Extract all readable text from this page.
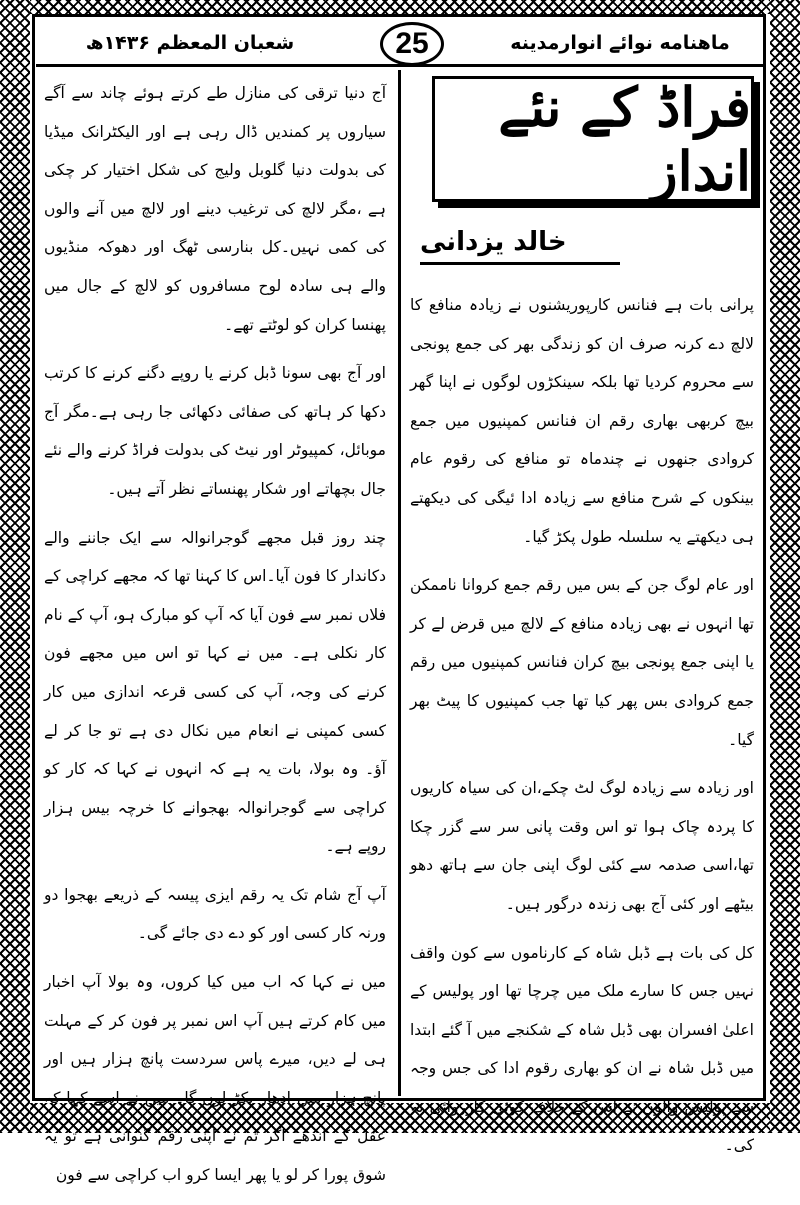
شعبان المعظم ۱۴۳۶ھ	25	ماهنامه نوائے انوارمدینه
فراڈ کے نئے انداز
خالد یزدانی

پرانی بات ہے فنانس کارپوریشنوں نے زیادہ منافع کا لالچ دے کرنہ صرف ان کو زندگی بھر کی جمع پونجی سے محروم کردیا تھا بلکہ سینکڑوں لوگوں نے اپنا گھر بیچ کربھی بھاری رقم ان فنانس کمپنیوں میں جمع کروادی جنھوں نے چندماہ تو منافع کی رقوم عام بینکوں کے شرح منافع سے زیادہ ادا ئیگی کی دیکھتے ہی دیکھتے یہ سلسلہ طول پکڑ گیا۔

اور عام لوگ جن کے بس میں رقم جمع کروانا ناممکن تھا انہوں نے بھی زیادہ منافع کے لالچ میں قرض لے کر یا اپنی جمع پونجی بیچ کران فنانس کمپنیوں میں رقم جمع کروادی بس پھر کیا تھا جب کمپنیوں کا پیٹ بھر گیا۔

اور زیادہ سے زیادہ لوگ لٹ چکے،ان کی سیاہ کاریوں کا پردہ چاک ہوا تو اس وقت پانی سر سے گزر چکا تھا،اسی صدمہ سے کئی لوگ اپنی جان سے ہاتھ دھو بیٹھے اور کئی آج بھی زندہ درگور ہیں۔

کل کی بات ہے ڈبل شاہ کے کارناموں سے کون واقف نہیں جس کا سارے ملک میں چرچا تھا اور پولیس کے اعلیٰ افسران بھی ڈبل شاہ کے شکنجے میں آ گئے ابتدا میں ڈبل شاہ نے ان کو بھاری رقوم ادا کی جس وجہ سے پولیس والوں نے اس کے خلاف کوئی کارروائی نہ کی۔

آج دنیا ترقی کی منازل طے کرتے ہوئے چاند سے آگے سیاروں پر کمندیں ڈال رہی ہے اور الیکٹرانک میڈیا کی بدولت دنیا گلوبل ولیج کی شکل اختیار کر چکی ہے ،مگر لالچ کی ترغیب دینے اور لالچ میں آنے والوں کی کمی نہیں۔کل بنارسی ٹھگ اور دھوکہ منڈیوں والے ہی سادہ لوح مسافروں کو لالچ کے جال میں پھنسا کران کو لوٹتے تھے۔

اور آج بھی سونا ڈبل کرنے یا روپے دگنے کرنے کا کرتب دکھا کر ہاتھ کی صفائی دکھائی جا رہی ہے۔مگر آج موبائل، کمپیوٹر اور نیٹ کی بدولت فراڈ کرنے والے نئے جال بچھاتے اور شکار پھنساتے نظر آتے ہیں۔

چند روز قبل مجھے گوجرانوالہ سے ایک جاننے والے دکاندار کا فون آیا۔اس کا کہنا تھا کہ مجھے کراچی کے فلاں نمبر سے فون آیا کہ آپ کو مبارک ہو، آپ کے نام کار نکلی ہے۔ میں نے کہا تو اس میں مجھے فون کرنے کی وجہ، آپ کی کسی قرعہ اندازی میں کار کسی کمپنی نے انعام میں نکال دی ہے تو جا کر لے آؤ۔ وہ بولا، بات یہ ہے کہ انہوں نے کہا کہ کار کو کراچی سے گوجرانوالہ بھجوانے کا خرچہ بیس ہزار روپے ہے۔

آپ آج شام تک یہ رقم ایزی پیسہ کے ذریعے بھجوا دو ورنہ کار کسی اور کو دے دی جائے گی۔

میں نے کہا کہ اب میں کیا کروں، وہ بولا آپ اخبار میں کام کرتے ہیں آپ اس نمبر پر فون کر کے مہلت ہی لے دیں، میرے پاس سردست پانچ ہزار ہیں اور پانچ ہزار میں ادھار پکڑ لوں گا۔ میں نے اسے کہا کہ عقل کے اندھے اگر تم نے اپنی رقم گنوانی ہے تو یہ شوق پورا کر لو یا پھر ایسا کرو اب کراچی سے فون
